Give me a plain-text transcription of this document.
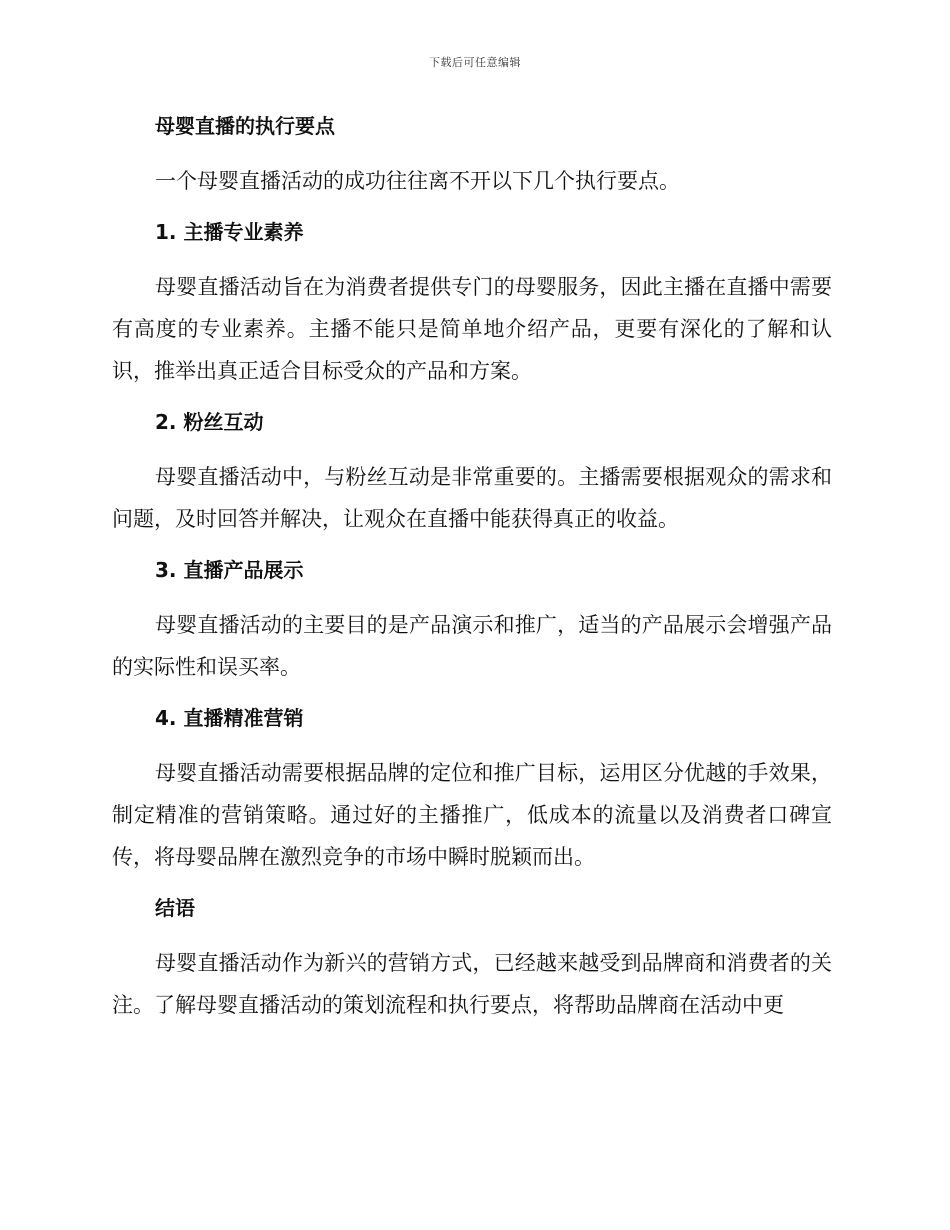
下载后可任意编辑
母婴直播的执行要点

一个母婴直播活动的成功往往离不开以下几个执行要点。

1. 主播专业素养

母婴直播活动旨在为消费者提供专门的母婴服务，因此主播在直播中需要有高度的专业素养。主播不能只是简单地介绍产品，更要有深化的了解和认识，推举出真正适合目标受众的产品和方案。

2. 粉丝互动

母婴直播活动中，与粉丝互动是非常重要的。主播需要根据观众的需求和问题，及时回答并解决，让观众在直播中能获得真正的收益。

3. 直播产品展示

母婴直播活动的主要目的是产品演示和推广，适当的产品展示会增强产品的实际性和误买率。

4. 直播精准营销

母婴直播活动需要根据品牌的定位和推广目标，运用区分优越的手效果，制定精准的营销策略。通过好的主播推广，低成本的流量以及消费者口碑宣传，将母婴品牌在激烈竞争的市场中瞬时脱颖而出。

结语

母婴直播活动作为新兴的营销方式，已经越来越受到品牌商和消费者的关注。了解母婴直播活动的策划流程和执行要点，将帮助品牌商在活动中更
